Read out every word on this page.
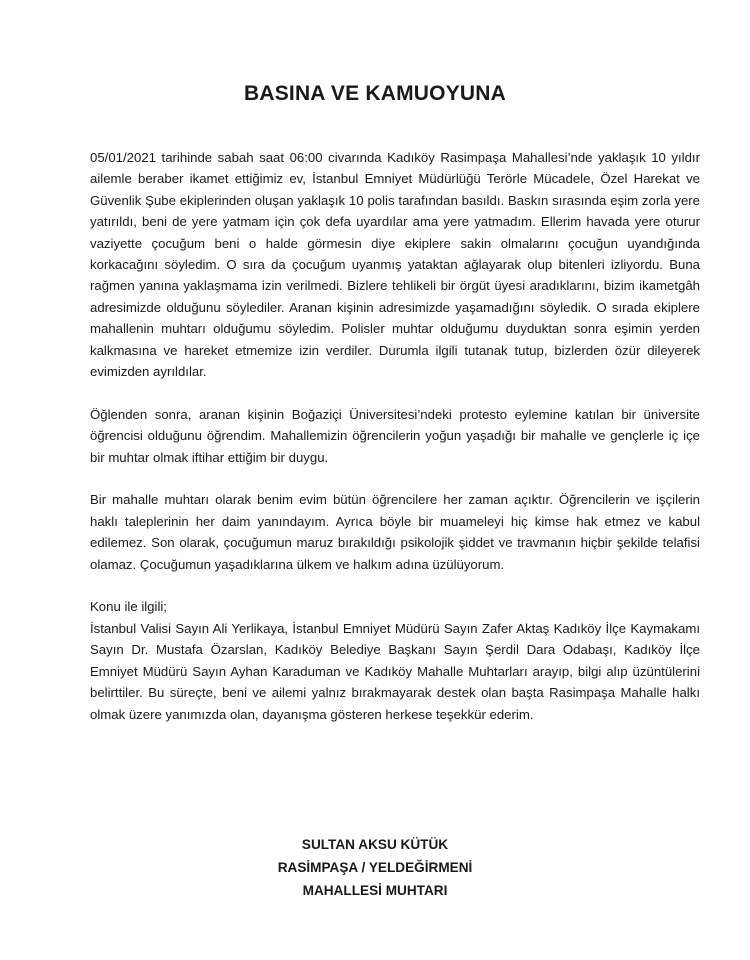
BASINA VE KAMUOYUNA

05/01/2021 tarihinde sabah saat 06:00 civarında Kadıköy Rasimpaşa Mahallesi’nde yaklaşık 10 yıldır ailemle beraber ikamet ettiğimiz ev, İstanbul Emniyet Müdürlüğü Terörle Mücadele, Özel Harekat ve Güvenlik Şube ekiplerinden oluşan yaklaşık 10 polis tarafından basıldı. Baskın sırasında eşim zorla yere yatırıldı, beni de yere yatmam için çok defa uyardılar ama yere yatmadım. Ellerim havada yere oturur vaziyette çocuğum beni o halde görmesin diye ekiplere sakin olmalarını çocuğun uyandığında korkacağını söyledim. O sıra da çocuğum uyanmış yataktan ağlayarak olup bitenleri izliyordu. Buna rağmen yanına yaklaşmama izin verilmedi. Bizlere tehlikeli bir örgüt üyesi aradıklarını, bizim ikametgâh adresimizde olduğunu söylediler. Aranan kişinin adresimizde yaşamadığını söyledik. O sırada ekiplere mahallenin muhtarı olduğumu söyledim. Polisler muhtar olduğumu duyduktan sonra eşimin yerden kalkmasına ve hareket etmemize izin verdiler. Durumla ilgili tutanak tutup, bizlerden özür dileyerek evimizden ayrıldılar.

Öğlenden sonra, aranan kişinin Boğaziçi Üniversitesi’ndeki protesto eylemine katılan bir üniversite öğrencisi olduğunu öğrendim. Mahallemizin öğrencilerin yoğun yaşadığı bir mahalle ve gençlerle iç içe bir muhtar olmak iftihar ettiğim bir duygu.

Bir mahalle muhtarı olarak benim evim bütün öğrencilere her zaman açıktır. Öğrencilerin ve işçilerin haklı taleplerinin her daim yanındayım. Ayrıca böyle bir muameleyi hiç kimse hak etmez ve kabul edilemez. Son olarak, çocuğumun maruz bırakıldığı psikolojik şiddet ve travmanın hiçbir şekilde telafisi olamaz. Çocuğumun yaşadıklarına ülkem ve halkım adına üzülüyorum.

Konu ile ilgili;

İstanbul Valisi Sayın Ali Yerlikaya, İstanbul Emniyet Müdürü Sayın Zafer Aktaş Kadıköy İlçe Kaymakamı Sayın Dr. Mustafa Özarslan, Kadıköy Belediye Başkanı Sayın Şerdil Dara Odabaşı, Kadıköy İlçe Emniyet Müdürü Sayın Ayhan Karaduman ve Kadıköy Mahalle Muhtarları arayıp, bilgi alıp üzüntülerini belirttiler. Bu süreçte, beni ve ailemi yalnız bırakmayarak destek olan başta Rasimpaşa Mahalle halkı olmak üzere yanımızda olan, dayanışma gösteren herkese teşekkür ederim.

SULTAN AKSU KÜTÜK
RASİMPAŞA / YELDEĞİRMENİ
MAHALLESİ MUHTARI
